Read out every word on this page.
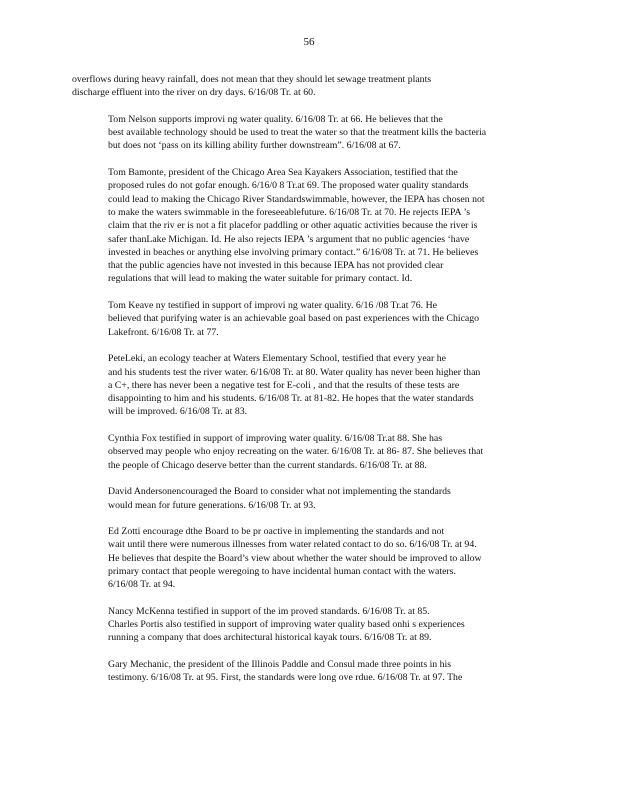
56
overflows during heavy rainfall, does not mean that they should let sewage treatment plants
discharge effluent into the river on dry days. 6/16/08 Tr. at 60.
Tom Nelson supports improvi ng water quality. 6/16/08 Tr. at 66. He believes that the
best available technology should be used to treat the water so that the treatment kills the bacteria
but does not ‘pass on its killing ability further downstream”. 6/16/08 at 67.
Tom Bamonte, president of the Chicago Area Sea Kayakers Association, testified that the
proposed rules do not gofar enough. 6/16/0 8 Tr.at 69. The proposed water quality standards
could lead to making the Chicago River Standardswimmable, however, the IEPA has chosen not
to make the waters swimmable in the foreseeablefuture. 6/16/08 Tr. at 70. He rejects IEPA ’s
claim that the riv er is not a fit placefor paddling or other aquatic activities because the river is
safer thanLake Michigan. Id. He also rejects IEPA ’s argument that no public agencies ‘have
invested in beaches or anything else involving primary contact.” 6/16/08 Tr. at 71. He believes
that the public agencies have not invested in this because IEPA has not provided clear
regulations that will lead to making the water suitable for primary contact. Id.
Tom Keave ny testified in support of improvi ng water quality. 6/16 /08 Tr.at 76. He
believed that purifying water is an achievable goal based on past experiences with the Chicago
Lakefront. 6/16/08 Tr. at 77.
PeteLeki, an ecology teacher at Waters Elementary School, testified that every year he
and his students test the river water. 6/16/08 Tr. at 80. Water quality has never been higher than
a C+, there has never been a negative test for E-coli , and that the results of these tests are
disappointing to him and his students. 6/16/08 Tr. at 81-82. He hopes that the water standards
will be improved. 6/16/08 Tr. at 83.
Cynthia Fox testified in support of improving water quality. 6/16/08 Tr.at 88. She has
observed may people who enjoy recreating on the water. 6/16/08 Tr. at 86- 87. She believes that
the people of Chicago deserve better than the current standards. 6/16/08 Tr. at 88.
David Andersonencouraged the Board to consider what not implementing the standards
would mean for future generations. 6/16/08 Tr. at 93.
Ed Zotti encourage dthe Board to be pr oactive in implementing the standards and not
wait until there were numerous illnesses from water related contact to do so. 6/16/08 Tr. at 94.
He believes that despite the Board’s view about whether the water should be improved to allow
primary contact that people weregoing to have incidental human contact with the waters.
6/16/08 Tr. at 94.
Nancy McKenna testified in support of the im proved standards. 6/16/08 Tr. at 85.
Charles Portis also testified in support of improving water quality based onhi s experiences
running a company that does architectural historical kayak tours. 6/16/08 Tr. at 89.
Gary Mechanic, the president of the Illinois Paddle and Consul made three points in his
testimony. 6/16/08 Tr. at 95. First, the standards were long ove rdue. 6/16/08 Tr. at 97. The
